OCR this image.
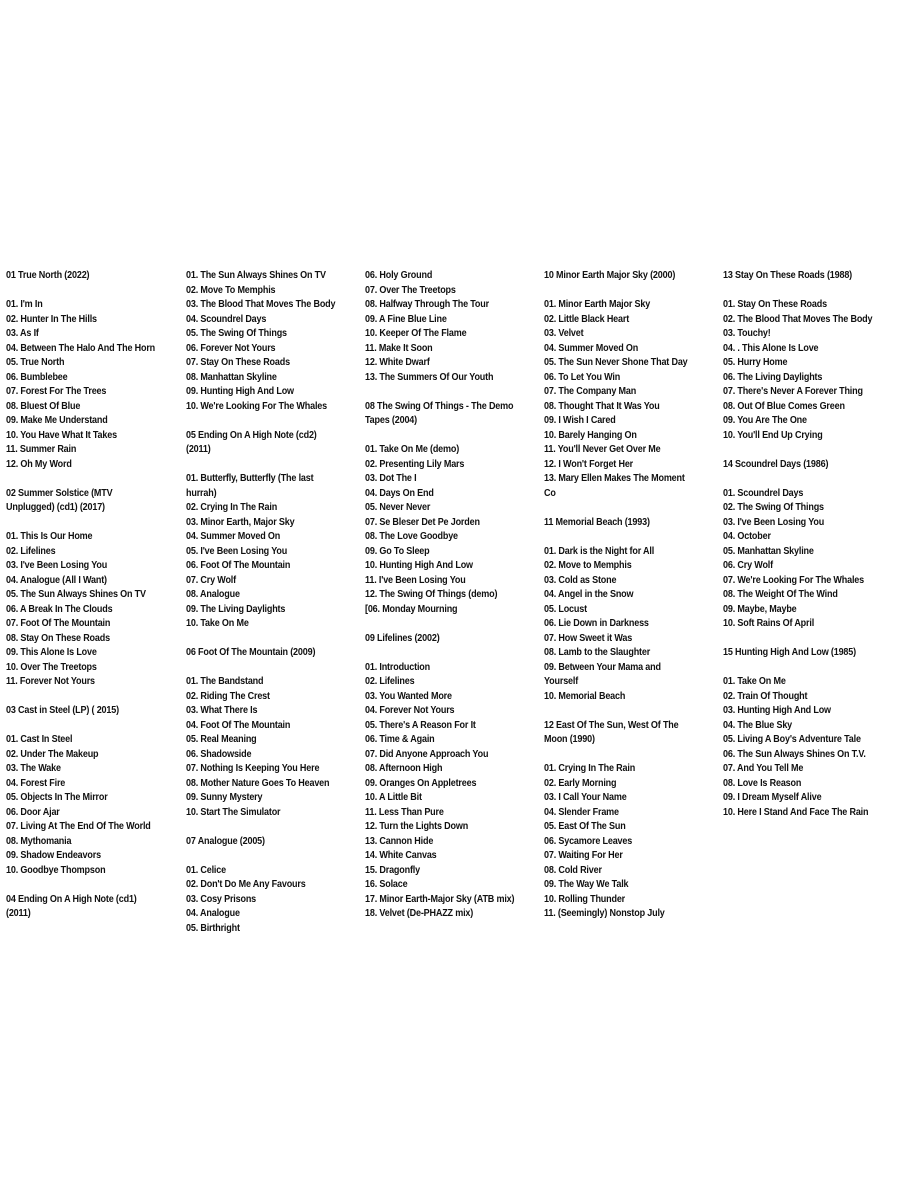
01 True North (2022)
01. I'm In
02. Hunter In The Hills
03. As If
04. Between The Halo And The Horn
05. True North
06. Bumblebee
07. Forest For The Trees
08. Bluest Of Blue
09. Make Me Understand
10. You Have What It Takes
11. Summer Rain
12. Oh My Word
02 Summer Solstice (MTV
Unplugged) (cd1) (2017)
01. This Is Our Home
02. Lifelines
03. I've Been Losing You
04. Analogue (All I Want)
05. The Sun Always Shines On TV
06. A Break In The Clouds
07. Foot Of The Mountain
08. Stay On These Roads
09. This Alone Is Love
10. Over The Treetops
11. Forever Not Yours
03 Cast in Steel (LP) ( 2015)
01. Cast In Steel
02. Under The Makeup
03. The Wake
04. Forest Fire
05. Objects In The Mirror
06. Door Ajar
07. Living At The End Of The World
08. Mythomania
09. Shadow Endeavors
10. Goodbye Thompson
04 Ending On A High Note (cd1)
(2011)
01. The Sun Always Shines On TV
02. Move To Memphis
03. The Blood That Moves The Body
04. Scoundrel Days
05. The Swing Of Things
06. Forever Not Yours
07. Stay On These Roads
08. Manhattan Skyline
09. Hunting High And Low
10. We're Looking For The Whales
05 Ending On A High Note (cd2)
(2011)
01. Butterfly, Butterfly (The last
hurrah)
02. Crying In The Rain
03. Minor Earth, Major Sky
04. Summer Moved On
05. I've Been Losing You
06. Foot Of The Mountain
07. Cry Wolf
08. Analogue
09. The Living Daylights
10. Take On Me
06 Foot Of The Mountain (2009)
01. The Bandstand
02. Riding The Crest
03. What There Is
04. Foot Of The Mountain
05. Real Meaning
06. Shadowside
07. Nothing Is Keeping You Here
08. Mother Nature Goes To Heaven
09. Sunny Mystery
10. Start The Simulator
07 Analogue (2005)
01. Celice
02. Don't Do Me Any Favours
03. Cosy Prisons
04. Analogue
05. Birthright
06. Holy Ground
07. Over The Treetops
08. Halfway Through The Tour
09. A Fine Blue Line
10. Keeper Of The Flame
11. Make It Soon
12. White Dwarf
13. The Summers Of Our Youth
08 The Swing Of Things - The Demo
Tapes (2004)
01. Take On Me (demo)
02. Presenting Lily Mars
03. Dot The I
04. Days On End
05. Never Never
07. Se Bleser Det Pe Jorden
08. The Love Goodbye
09. Go To Sleep
10. Hunting High And Low
11. I've Been Losing You
12. The Swing Of Things (demo)
[06. Monday Mourning
09 Lifelines (2002)
01. Introduction
02. Lifelines
03. You Wanted More
04. Forever Not Yours
05. There's A Reason For It
06. Time & Again
07. Did Anyone Approach You
08. Afternoon High
09. Oranges On Appletrees
10. A Little Bit
11. Less Than Pure
12. Turn the Lights Down
13. Cannon Hide
14. White Canvas
15. Dragonfly
16. Solace
17. Minor Earth-Major Sky (ATB mix)
18. Velvet (De-PHAZZ mix)
10 Minor Earth Major Sky (2000)
01. Minor Earth Major Sky
02. Little Black Heart
03. Velvet
04. Summer Moved On
05. The Sun Never Shone That Day
06. To Let You Win
07. The Company Man
08. Thought That It Was You
09. I Wish I Cared
10. Barely Hanging On
11. You'll Never Get Over Me
12. I Won't Forget Her
13. Mary Ellen Makes The Moment
Co
11 Memorial Beach (1993)
01. Dark is the Night for All
02. Move to Memphis
03. Cold as Stone
04. Angel in the Snow
05. Locust
06. Lie Down in Darkness
07. How Sweet it Was
08. Lamb to the Slaughter
09. Between Your Mama and
Yourself
10. Memorial Beach
12 East Of The Sun, West Of The
Moon (1990)
01. Crying In The Rain
02. Early Morning
03. I Call Your Name
04. Slender Frame
05. East Of The Sun
06. Sycamore Leaves
07. Waiting For Her
08. Cold River
09. The Way We Talk
10. Rolling Thunder
11. (Seemingly) Nonstop July
13 Stay On These Roads (1988)
01. Stay On These Roads
02. The Blood That Moves The Body
03. Touchy!
04. . This Alone Is Love
05. Hurry Home
06. The Living Daylights
07. There's Never A Forever Thing
08. Out Of Blue Comes Green
09. You Are The One
10. You'll End Up Crying
14 Scoundrel Days (1986)
01. Scoundrel Days
02. The Swing Of Things
03. I've Been Losing You
04. October
05. Manhattan Skyline
06. Cry Wolf
07. We're Looking For The Whales
08. The Weight Of The Wind
09. Maybe, Maybe
10. Soft Rains Of April
15 Hunting High And Low (1985)
01. Take On Me
02. Train Of Thought
03. Hunting High And Low
04. The Blue Sky
05. Living A Boy's Adventure Tale
06. The Sun Always Shines On T.V.
07. And You Tell Me
08. Love Is Reason
09. I Dream Myself Alive
10. Here I Stand And Face The Rain
